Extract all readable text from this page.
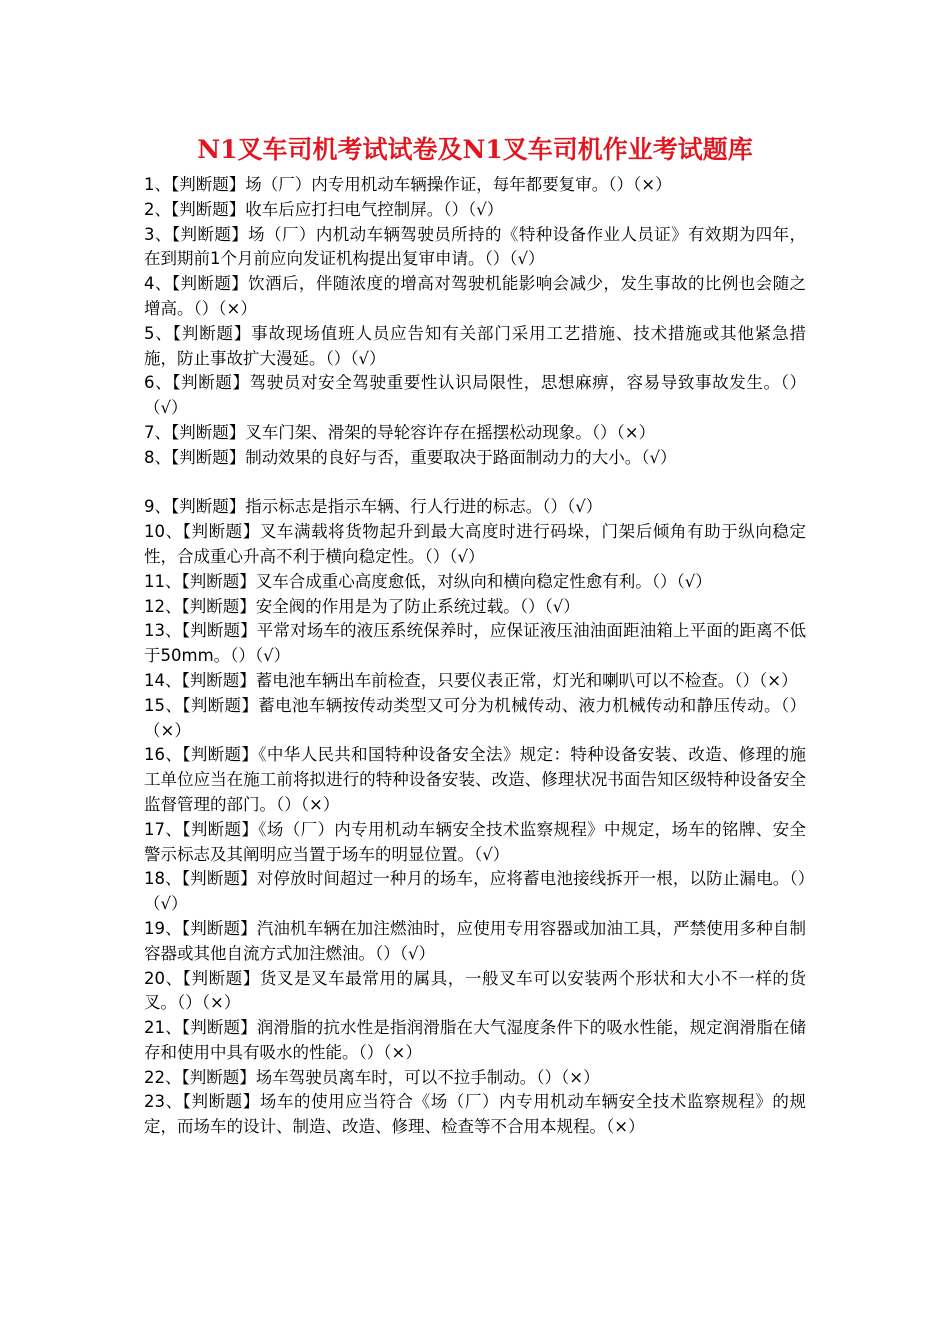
N1叉车司机考试试卷及N1叉车司机作业考试题库

1、【判断题】场（厂）内专用机动车辆操作证，每年都要复审。（）（×）

2、【判断题】收车后应打扫电气控制屏。（）（√）

3、【判断题】场（厂）内机动车辆驾驶员所持的《特种设备作业人员证》有效期为四年，在到期前1个月前应向发证机构提出复审申请。（）（√）

4、【判断题】饮酒后，伴随浓度的增高对驾驶机能影响会减少，发生事故的比例也会随之增高。（）（×）

5、【判断题】事故现场值班人员应告知有关部门采用工艺措施、技术措施或其他紧急措施，防止事故扩大漫延。（）（√）

6、【判断题】驾驶员对安全驾驶重要性认识局限性，思想麻痹，容易导致事故发生。（）（√）

7、【判断题】叉车门架、滑架的导轮容许存在摇摆松动现象。（）（×）

8、【判断题】制动效果的良好与否，重要取决于路面制动力的大小。（√）

9、【判断题】指示标志是指示车辆、行人行进的标志。（）（√）

10、【判断题】叉车满载将货物起升到最大高度时进行码垛，门架后倾角有助于纵向稳定性，合成重心升高不利于横向稳定性。（）（√）

11、【判断题】叉车合成重心高度愈低，对纵向和横向稳定性愈有利。（）（√）

12、【判断题】安全阀的作用是为了防止系统过载。（）（√）

13、【判断题】平常对场车的液压系统保养时，应保证液压油油面距油箱上平面的距离不低于50mm。（）（√）

14、【判断题】蓄电池车辆出车前检查，只要仪表正常，灯光和喇叭可以不检查。（）（×）

15、【判断题】蓄电池车辆按传动类型又可分为机械传动、液力机械传动和静压传动。（）（×）

16、【判断题】《中华人民共和国特种设备安全法》规定：特种设备安装、改造、修理的施工单位应当在施工前将拟进行的特种设备安装、改造、修理状况书面告知区级特种设备安全监督管理的部门。（）（×）

17、【判断题】《场（厂）内专用机动车辆安全技术监察规程》中规定，场车的铭牌、安全警示标志及其阐明应当置于场车的明显位置。（√）

18、【判断题】对停放时间超过一种月的场车，应将蓄电池接线拆开一根，以防止漏电。（）（√）

19、【判断题】汽油机车辆在加注燃油时，应使用专用容器或加油工具，严禁使用多种自制容器或其他自流方式加注燃油。（）（√）

20、【判断题】货叉是叉车最常用的属具，一般叉车可以安装两个形状和大小不一样的货叉。（）（×）

21、【判断题】润滑脂的抗水性是指润滑脂在大气湿度条件下的吸水性能，规定润滑脂在储存和使用中具有吸水的性能。（）（×）

22、【判断题】场车驾驶员离车时，可以不拉手制动。（）（×）

23、【判断题】场车的使用应当符合《场（厂）内专用机动车辆安全技术监察规程》的规定，而场车的设计、制造、改造、修理、检查等不合用本规程。（×）
